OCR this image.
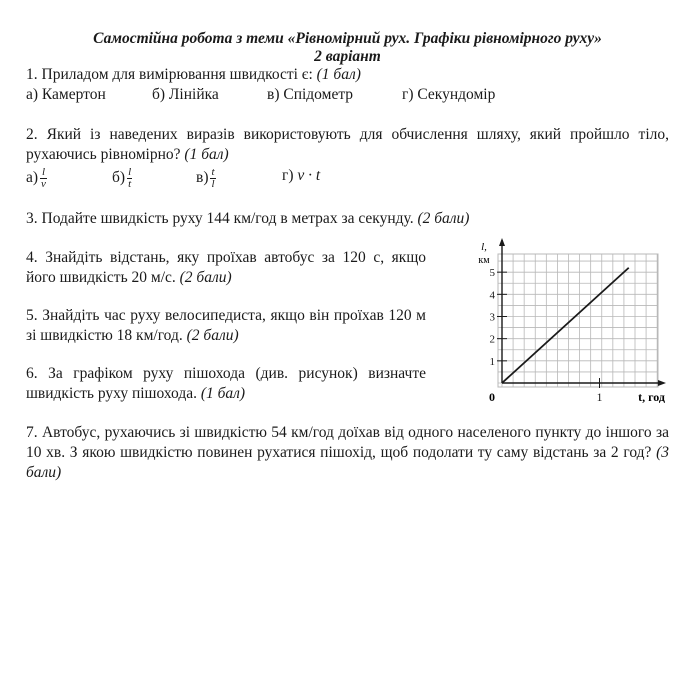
Самостійна робота з теми «Рівномірний рух. Графіки рівномірного руху»
2 варіант
1. Приладом для вимірювання швидкості є: (1 бал)
а) Камертон	б) Лінійка	в) Спідометр	г) Секундомір
2. Який із наведених виразів використовують для обчислення шляху, який пройшло тіло, рухаючись рівномірно? (1 бал)
$а) \frac{l}{v}$	$б) \frac{l}{t}$	$в) \frac{t}{l}$	г) v · t
3. Подайте швидкість руху 144 км/год в метрах за секунду. (2 бали)
4. Знайдіть відстань, яку проїхав автобус за 120 с, якщо його швидкість 20 м/с. (2 бали)
5. Знайдіть час руху велосипедиста, якщо він проїхав 120 м зі швидкістю 18 км/год. (2 бали)
6. За графіком руху пішохода (див. рисунок) визначте швидкість руху пішохода. (1 бал)
1
2
3
4
5
1
l, км
t, год
0
7. Автобус, рухаючись зі швидкістю 54 км/год доїхав від одного населеного пункту до іншого за 10 хв. З якою швидкістю повинен рухатися пішохід, щоб подолати ту саму відстань за 2 год? (3 бали)
